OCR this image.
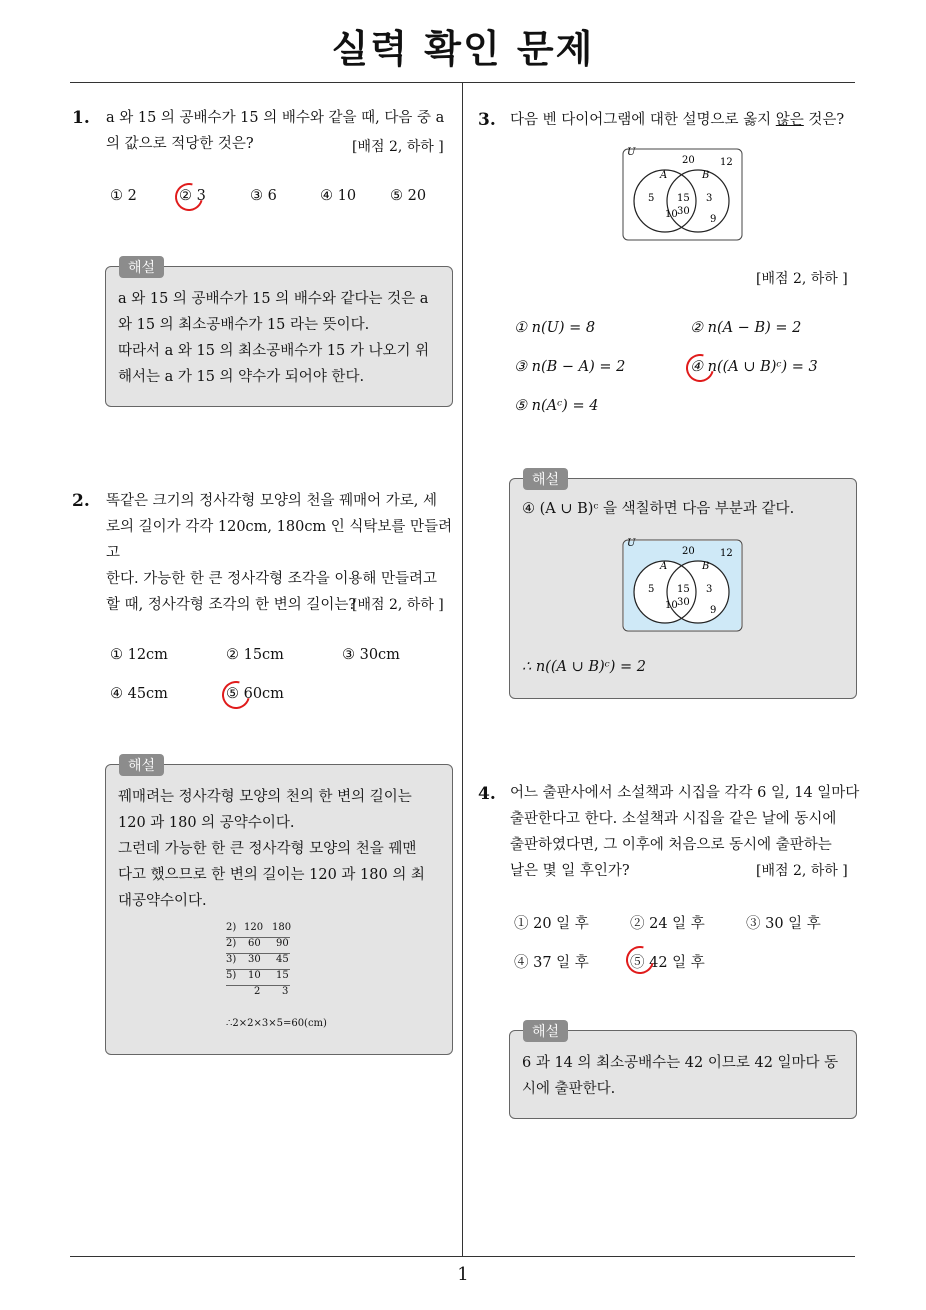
실력 확인 문제
1
1. a 와 15 의 공배수가 15 의 배수와 같을 때, 다음 중 a
의 값으로 적당한 것은?	[배점 2, 하하 ]
① 2	② 3	③ 6	④ 10 ⑤ 20
해설
a 와 15 의 공배수가 15 의 배수와 같다는 것은 a
와 15 의 최소공배수가 15 라는 뜻이다.
따라서 a 와 15 의 최소공배수가 15 가 나오기 위
해서는 a 가 15 의 약수가 되어야 한다.
2. 똑같은 크기의 정사각형 모양의 천을 꿰매어 가로, 세
로의 길이가 각각 120cm, 180cm 인 식탁보를 만들려고
한다. 가능한 한 큰 정사각형 조각을 이용해 만들려고
할 때, 정사각형 조각의 한 변의 길이는?
[배점 2, 하하 ]
① 12cm	② 15cm	③ 30cm
④ 45cm	⑤ 60cm
해설
꿰매려는 정사각형 모양의 천의 한 변의 길이는
120 과 180 의 공약수이다.
그런데 가능한 한 큰 정사각형 모양의 천을 꿰맨
다고 했으므로 한 변의 길이는 120 과 180 의 최
대공약수이다.
2) 120 180
2) 60 90
3) 30 45
5) 10 15
2 3
∴2×2×3×5=60(cm)
3. 다음 벤 다이어그램에 대한 설명으로 옳지 않은 것은?
U
20	12
A	B
5 15 3
10 30
9
[배점 2, 하하 ]
① n(U) = 8	② n(A − B) = 2
③ n(B − A) = 2	④ n((A ∪ B)ᶜ) = 3
⑤ n(Aᶜ) = 4
해설
④ (A ∪ B)ᶜ 을 색칠하면 다음 부분과 같다.
U
20	12
A	B
5 15 3
10 30
9
∴ n((A ∪ B)ᶜ) = 2
4. 어느 출판사에서 소설책과 시집을 각각 6 일, 14 일마다
출판한다고 한다. 소설책과 시집을 같은 날에 동시에
출판하였다면, 그 이후에 처음으로 동시에 출판하는
날은 몇 일 후인가?	[배점 2, 하하 ]
① 20 일 후	② 24 일 후	③ 30 일 후
④ 37 일 후	⑤ 42 일 후
해설
6 과 14 의 최소공배수는 42 이므로 42 일마다 동
시에 출판한다.
